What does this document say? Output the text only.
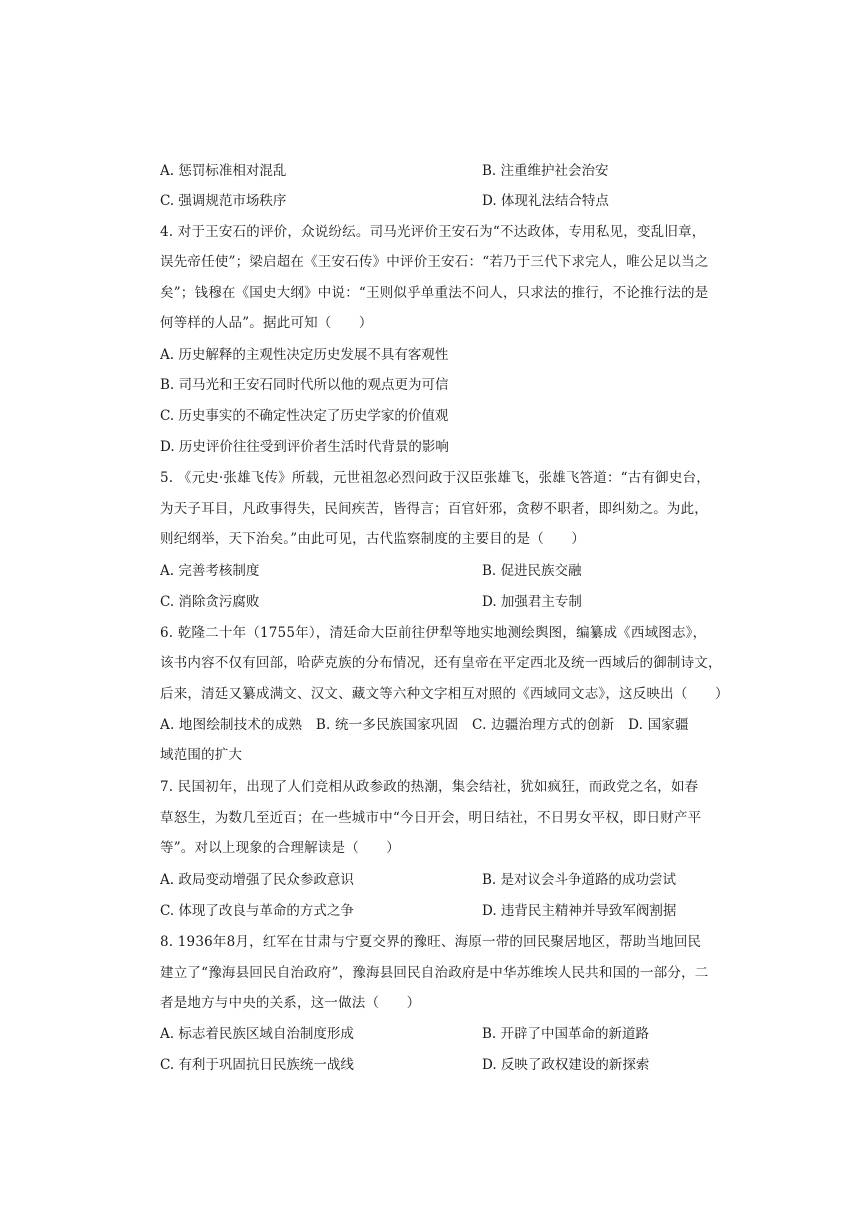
A. 惩罚标准相对混乱	B. 注重维护社会治安
C. 强调规范市场秩序	D. 体现礼法结合特点
4. 对于王安石的评价，众说纷纭。司马光评价王安石为“不达政体，专用私见，变乱旧章，
误先帝任使”；梁启超在《王安石传》中评价王安石：“若乃于三代下求完人，唯公足以当之
矣”；钱穆在《国史大纲》中说：“王则似乎单重法不问人，只求法的推行，不论推行法的是
何等样的人品”。据此可知（　　）
A. 历史解释的主观性决定历史发展不具有客观性
B. 司马光和王安石同时代所以他的观点更为可信
C. 历史事实的不确定性决定了历史学家的价值观
D. 历史评价往往受到评价者生活时代背景的影响
5. 《元史·张雄飞传》所载，元世祖忽必烈问政于汉臣张雄飞，张雄飞答道：“古有御史台，
为天子耳目，凡政事得失，民间疾苦，皆得言；百官奸邪，贪秽不职者，即纠劾之。为此，
则纪纲举，天下治矣。”由此可见，古代监察制度的主要目的是（　　）
A. 完善考核制度	B. 促进民族交融
C. 消除贪污腐败	D. 加强君主专制
6. 乾隆二十年（1755年），清廷命大臣前往伊犁等地实地测绘舆图，编纂成《西域图志》，
该书内容不仅有回部，哈萨克族的分布情况，还有皇帝在平定西北及统一西域后的御制诗文，
后来，清廷又纂成满文、汉文、藏文等六种文字相互对照的《西域同文志》，这反映出（　　）
A. 地图绘制技术的成熟　B. 统一多民族国家巩固　C. 边疆治理方式的创新　D. 国家疆
域范围的扩大
7. 民国初年，出现了人们竞相从政参政的热潮，集会结社，犹如疯狂，而政党之名，如春
草怒生，为数几至近百；在一些城市中“今日开会，明日结社，不日男女平权，即日财产平
等”。对以上现象的合理解读是（　　）
A. 政局变动增强了民众参政意识	B. 是对议会斗争道路的成功尝试
C. 体现了改良与革命的方式之争	D. 违背民主精神并导致军阀割据
8. 1936年8月，红军在甘肃与宁夏交界的豫旺、海原一带的回民聚居地区，帮助当地回民
建立了“豫海县回民自治政府”，豫海县回民自治政府是中华苏维埃人民共和国的一部分，二
者是地方与中央的关系，这一做法（　　）
A. 标志着民族区域自治制度形成	B. 开辟了中国革命的新道路
C. 有利于巩固抗日民族统一战线	D. 反映了政权建设的新探索
